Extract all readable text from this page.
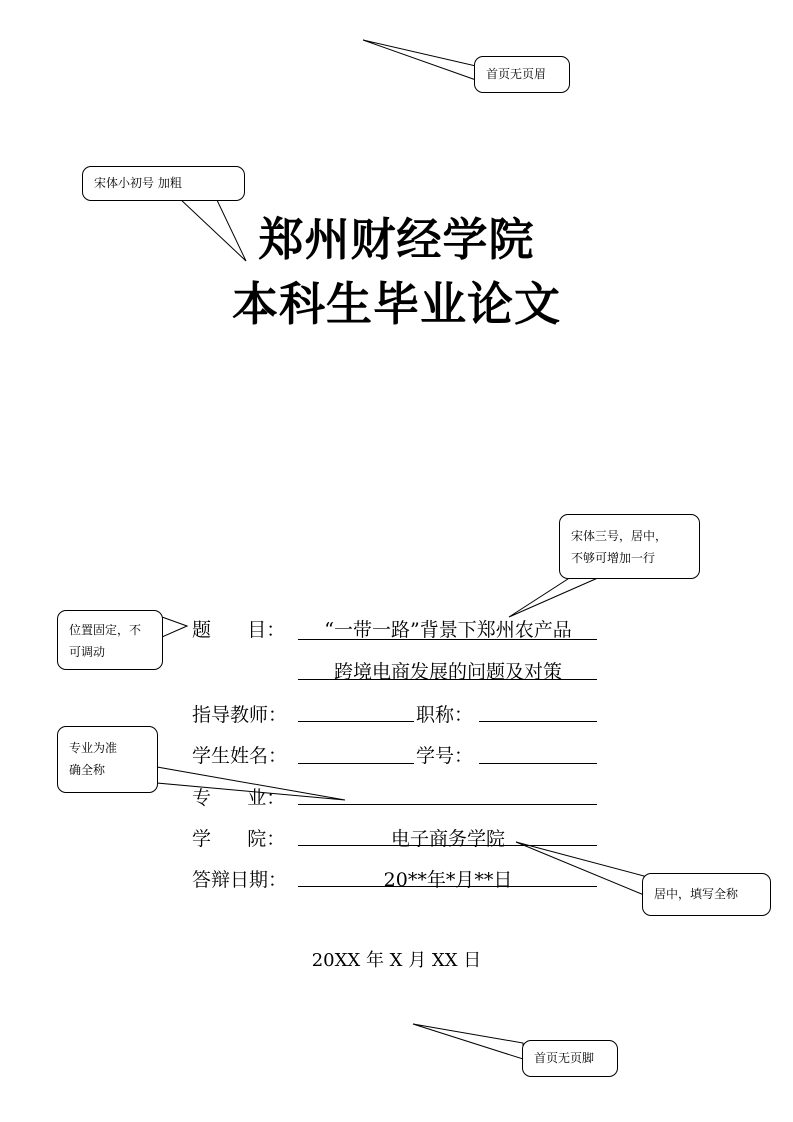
首页无页眉
宋体小初号 加粗
宋体三号，居中，
不够可增加一行
位置固定，不
可调动
专业为准
确全称
居中，填写全称
首页无页脚
郑州财经学院
本科生毕业论文
题      目：	“一带一路”背景下郑州农产品
跨境电商发展的问题及对策
指导教师：	职称：
学生姓名：	学号：
专      业：
学      院：	电子商务学院
答辩日期：	20**年*月**日
20XX 年 X 月 XX 日
